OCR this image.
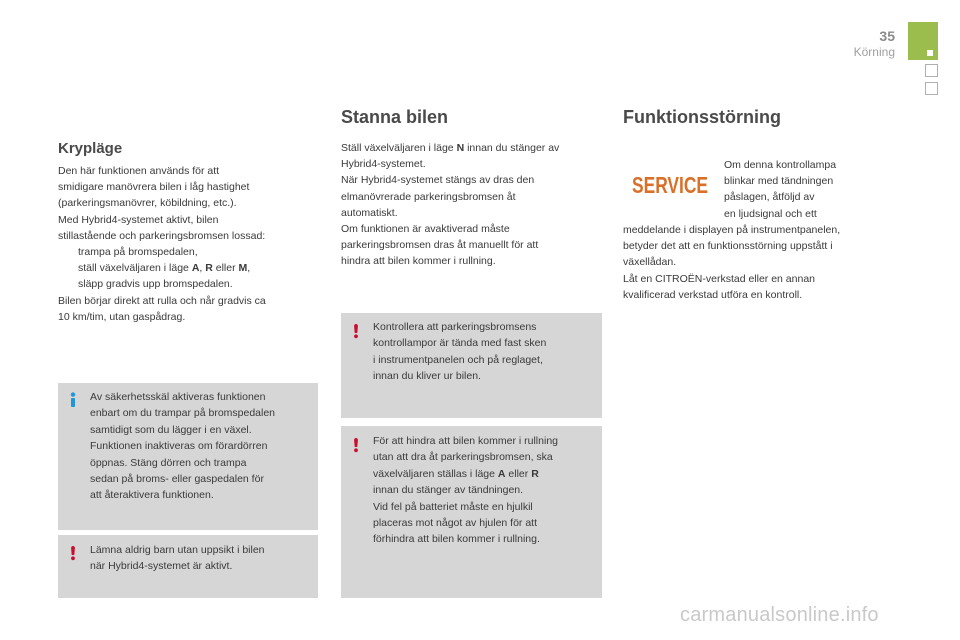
35
Körning
Krypläge

Den här funktionen används för att

smidigare manövrera bilen i låg hastighet

(parkeringsmanövrer, köbildning, etc.).

Med Hybrid4-systemet aktivt, bilen

stillastående och parkeringsbromsen lossad:

trampa på bromspedalen,
ställ växelväljaren i läge A, R eller M,
släpp gradvis upp bromspedalen.

Bilen börjar direkt att rulla och når gradvis ca

10 km/tim, utan gaspådrag.

Av säkerhetsskäl aktiveras funktionen

enbart om du trampar på bromspedalen

samtidigt som du lägger i en växel.

Funktionen inaktiveras om förardörren

öppnas. Stäng dörren och trampa

sedan på broms- eller gaspedalen för

att återaktivera funktionen.

Lämna aldrig barn utan uppsikt i bilen

när Hybrid4-systemet är aktivt.

Stanna bilen

Ställ växelväljaren i läge N innan du stänger av

Hybrid4-systemet.

När Hybrid4-systemet stängs av dras den

elmanövrerade parkeringsbromsen åt

automatiskt.

Om funktionen är avaktiverad måste

parkeringsbromsen dras åt manuellt för att

hindra att bilen kommer i rullning.

Kontrollera att parkeringsbromsens

kontrollampor är tända med fast sken

i instrumentpanelen och på reglaget,

innan du kliver ur bilen.

För att hindra att bilen kommer i rullning

utan att dra åt parkeringsbromsen, ska

växelväljaren ställas i läge A eller R

innan du stänger av tändningen.

Vid fel på batteriet måste en hjulkil

placeras mot något av hjulen för att

förhindra att bilen kommer i rullning.

Funktionsstörning
SERVICE

Om denna kontrollampa

blinkar med tändningen

påslagen, åtföljd av

en ljudsignal och ett

meddelande i displayen på instrumentpanelen,

betyder det att en funktionsstörning uppstått i

växellådan.

Låt en CITROËN-verkstad eller en annan

kvalificerad verkstad utföra en kontroll.

carmanualsonline.info
